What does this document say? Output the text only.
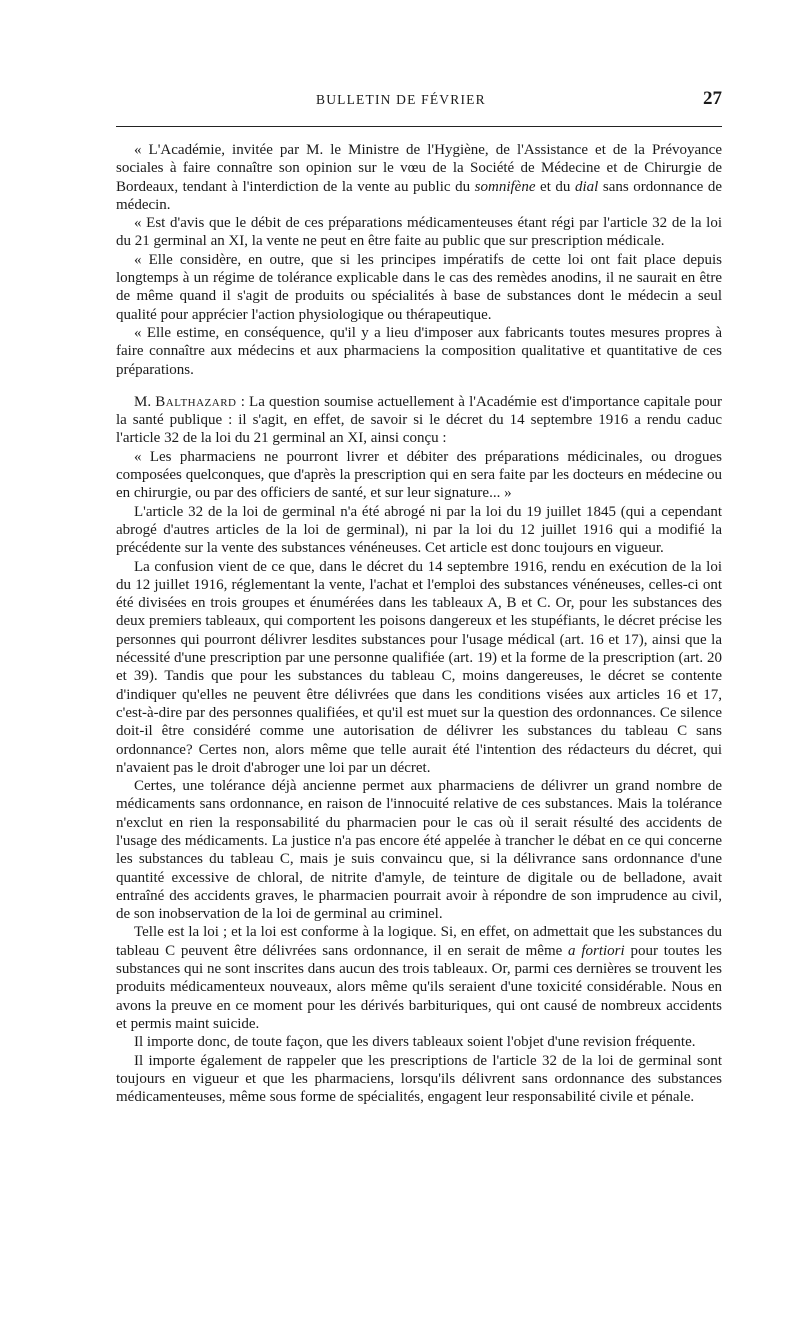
BULLETIN DE FÉVRIER	27

« L'Académie, invitée par M. le Ministre de l'Hygiène, de l'Assistance et de la Prévoyance sociales à faire connaître son opinion sur le vœu de la Société de Médecine et de Chirurgie de Bordeaux, tendant à l'interdiction de la vente au public du somnifène et du dial sans ordonnance de médecin.

« Est d'avis que le débit de ces préparations médicamenteuses étant régi par l'article 32 de la loi du 21 germinal an XI, la vente ne peut en être faite au public que sur prescription médicale.

« Elle considère, en outre, que si les principes impératifs de cette loi ont fait place depuis longtemps à un régime de tolérance explicable dans le cas des remèdes anodins, il ne saurait en être de même quand il s'agit de produits ou spécialités à base de substances dont le médecin a seul qualité pour apprécier l'action physiologique ou thérapeutique.

« Elle estime, en conséquence, qu'il y a lieu d'imposer aux fabricants toutes mesures propres à faire connaître aux médecins et aux pharmaciens la composition qualitative et quantitative de ces préparations.

M. Balthazard : La question soumise actuellement à l'Académie est d'importance capitale pour la santé publique : il s'agit, en effet, de savoir si le décret du 14 septembre 1916 a rendu caduc l'article 32 de la loi du 21 germinal an XI, ainsi conçu :

« Les pharmaciens ne pourront livrer et débiter des préparations médicinales, ou drogues composées quelconques, que d'après la prescription qui en sera faite par les docteurs en médecine ou en chirurgie, ou par des officiers de santé, et sur leur signature... »

L'article 32 de la loi de germinal n'a été abrogé ni par la loi du 19 juillet 1845 (qui a cependant abrogé d'autres articles de la loi de germinal), ni par la loi du 12 juillet 1916 qui a modifié la précédente sur la vente des substances vénéneuses. Cet article est donc toujours en vigueur.

La confusion vient de ce que, dans le décret du 14 septembre 1916, rendu en exécution de la loi du 12 juillet 1916, réglementant la vente, l'achat et l'emploi des substances vénéneuses, celles-ci ont été divisées en trois groupes et énumérées dans les tableaux A, B et C. Or, pour les substances des deux premiers tableaux, qui comportent les poisons dangereux et les stupéfiants, le décret précise les personnes qui pourront délivrer lesdites substances pour l'usage médical (art. 16 et 17), ainsi que la nécessité d'une prescription par une personne qualifiée (art. 19) et la forme de la prescription (art. 20 et 39). Tandis que pour les substances du tableau C, moins dangereuses, le décret se contente d'indiquer qu'elles ne peuvent être délivrées que dans les conditions visées aux articles 16 et 17, c'est-à-dire par des personnes qualifiées, et qu'il est muet sur la question des ordonnances. Ce silence doit-il être considéré comme une autorisation de délivrer les substances du tableau C sans ordonnance? Certes non, alors même que telle aurait été l'intention des rédacteurs du décret, qui n'avaient pas le droit d'abroger une loi par un décret.

Certes, une tolérance déjà ancienne permet aux pharmaciens de délivrer un grand nombre de médicaments sans ordonnance, en raison de l'innocuité relative de ces substances. Mais la tolérance n'exclut en rien la responsabilité du pharmacien pour le cas où il serait résulté des accidents de l'usage des médicaments. La justice n'a pas encore été appelée à trancher le débat en ce qui concerne les substances du tableau C, mais je suis convaincu que, si la délivrance sans ordonnance d'une quantité excessive de chloral, de nitrite d'amyle, de teinture de digitale ou de belladone, avait entraîné des accidents graves, le pharmacien pourrait avoir à répondre de son imprudence au civil, de son inobservation de la loi de germinal au criminel.

Telle est la loi ; et la loi est conforme à la logique. Si, en effet, on admettait que les substances du tableau C peuvent être délivrées sans ordonnance, il en serait de même a fortiori pour toutes les substances qui ne sont inscrites dans aucun des trois tableaux. Or, parmi ces dernières se trouvent les produits médicamenteux nouveaux, alors même qu'ils seraient d'une toxicité considérable. Nous en avons la preuve en ce moment pour les dérivés barbituriques, qui ont causé de nombreux accidents et permis maint suicide.

Il importe donc, de toute façon, que les divers tableaux soient l'objet d'une revision fréquente.

Il importe également de rappeler que les prescriptions de l'article 32 de la loi de germinal sont toujours en vigueur et que les pharmaciens, lorsqu'ils délivrent sans ordonnance des substances médicamenteuses, même sous forme de spécialités, engagent leur responsabilité civile et pénale.
